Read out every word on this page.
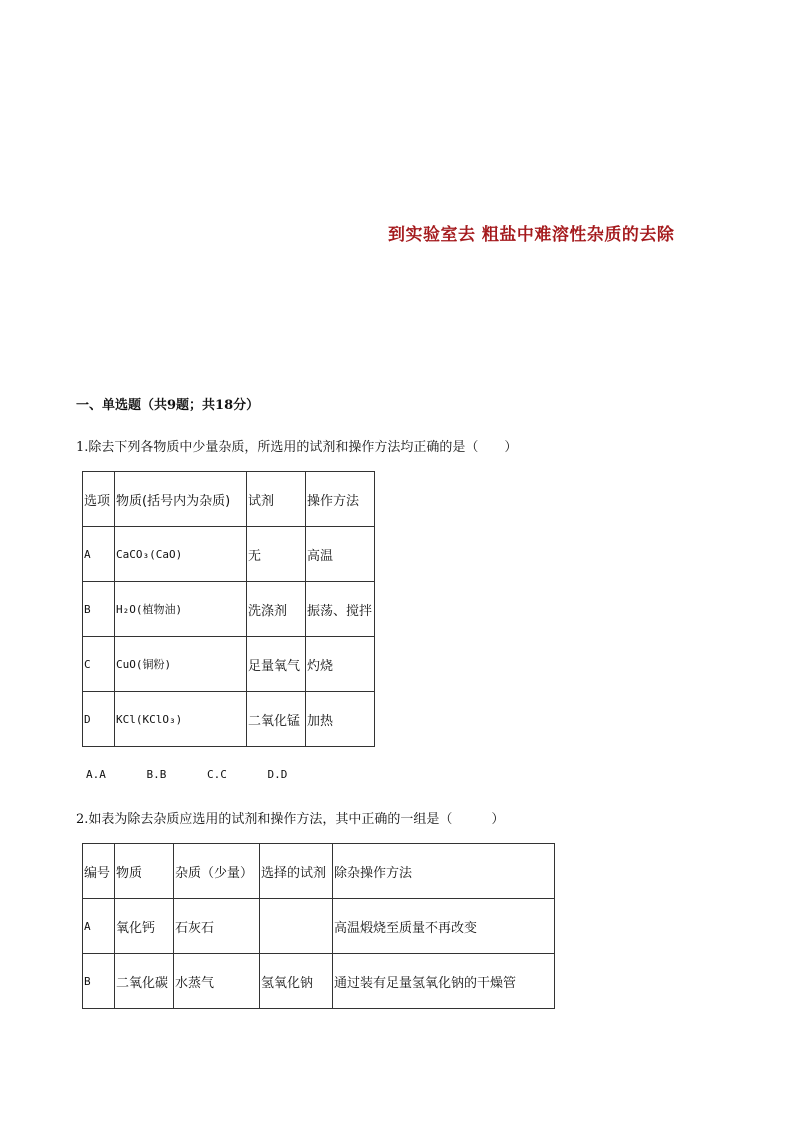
到实验室去 粗盐中难溶性杂质的去除
一、单选题（共9题；共18分）
1.除去下列各物质中少量杂质，所选用的试剂和操作方法均正确的是（　　）
选项	物质(括号内为杂质)	试剂	操作方法
A	CaCO₃(CaO)	无	高温
B	H₂O(植物油)	洗涤剂	振荡、搅拌
C	CuO(铜粉)	足量氧气	灼烧
D	KCl(KClO₃)	二氧化锰	加热
A.A	B.B	C.C	D.D
2.如表为除去杂质应选用的试剂和操作方法，其中正确的一组是（　　　）
编号	物质	杂质（少量）	选择的试剂	除杂操作方法
A	氧化钙	石灰石		高温煅烧至质量不再改变
B	二氧化碳	水蒸气	氢氧化钠	通过装有足量氢氧化钠的干燥管
